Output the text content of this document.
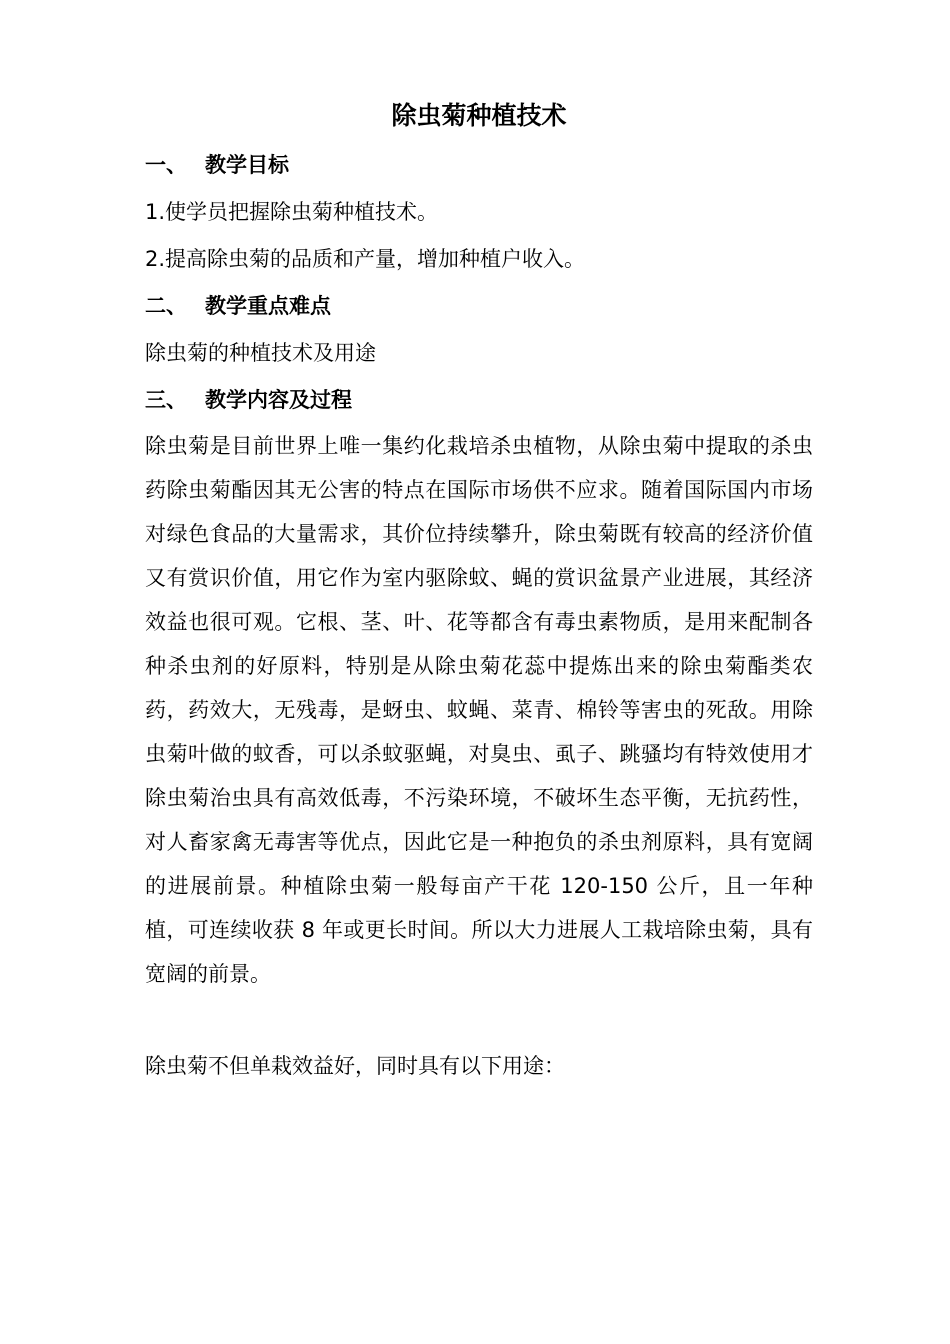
除虫菊种植技术
一、 教学目标

1.使学员把握除虫菊种植技术。

2.提高除虫菊的品质和产量，增加种植户收入。

二、 教学重点难点

除虫菊的种植技术及用途

三、 教学内容及过程

除虫菊是目前世界上唯一集约化栽培杀虫植物，从除虫菊中提取的杀虫药除虫菊酯因其无公害的特点在国际市场供不应求。随着国际国内市场对绿色食品的大量需求，其价位持续攀升，除虫菊既有较高的经济价值又有赏识价值，用它作为室内驱除蚊、蝇的赏识盆景产业进展，其经济效益也很可观。它根、茎、叶、花等都含有毒虫素物质，是用来配制各种杀虫剂的好原料，特别是从除虫菊花蕊中提炼出来的除虫菊酯类农药，药效大，无残毒，是蚜虫、蚊蝇、菜青、棉铃等害虫的死敌。用除虫菊叶做的蚊香，可以杀蚊驱蝇，对臭虫、虱子、跳骚均有特效使用才除虫菊治虫具有高效低毒，不污染环境，不破坏生态平衡，无抗药性，对人畜家禽无毒害等优点，因此它是一种抱负的杀虫剂原料，具有宽阔的进展前景。种植除虫菊一般每亩产干花 120-150 公斤，且一年种植，可连续收获 8 年或更长时间。所以大力进展人工栽培除虫菊，具有宽阔的前景。

除虫菊不但单栽效益好，同时具有以下用途：
